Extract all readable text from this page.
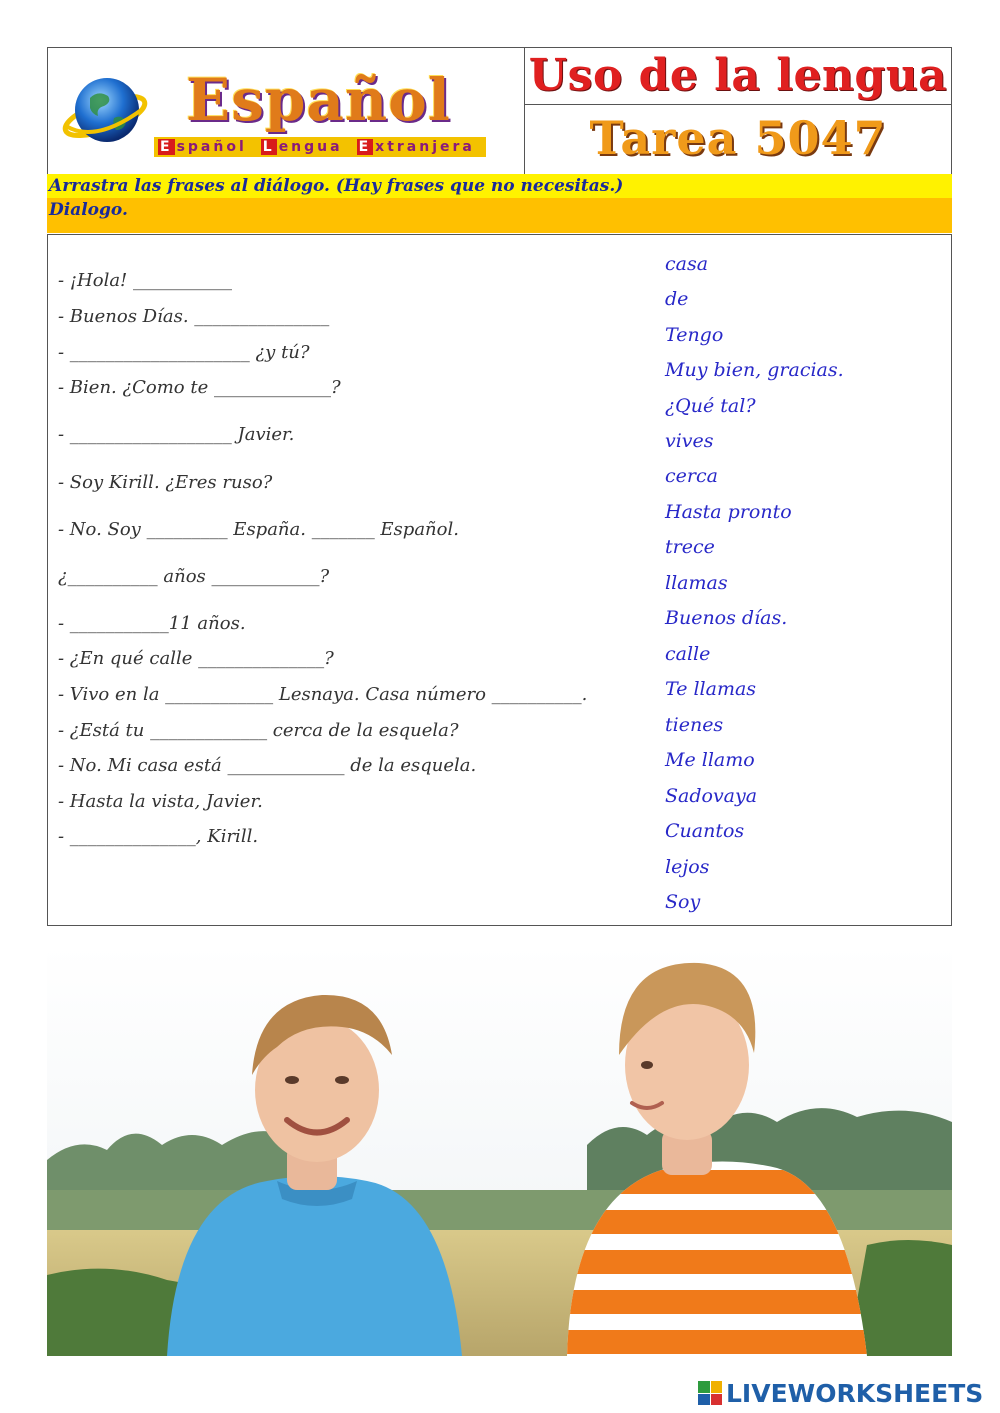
Español
E spañol L engua E xtranjera
Uso de la lengua
Tarea 5047
Arrastra las frases al diálogo. (Hay frases que no necesitas.)
Dialogo.
- ¡Hola! ___________
- Buenos Días. _______________
- ____________________ ¿y tú?
- Bien. ¿Como te _____________?
- __________________ Javier.
- Soy Kirill. ¿Eres ruso?
- No. Soy _________ España. _______ Español.
¿__________ años ____________?
- ___________11 años.
- ¿En qué calle ______________?
- Vivo en la ____________ Lesnaya. Casa número __________.
- ¿Está tu _____________ cerca de la esquela?
- No. Mi casa está _____________ de la esquela.
- Hasta la vista, Javier.
- ______________, Kirill.
casa
de
Tengo
Muy bien, gracias.
¿Qué tal?
vives
cerca
Hasta pronto
trece
llamas
Buenos días.
calle
Te llamas
tienes
Me llamo
Sadovaya
Cuantos
lejos
Soy
LIVEWORKSHEETS
